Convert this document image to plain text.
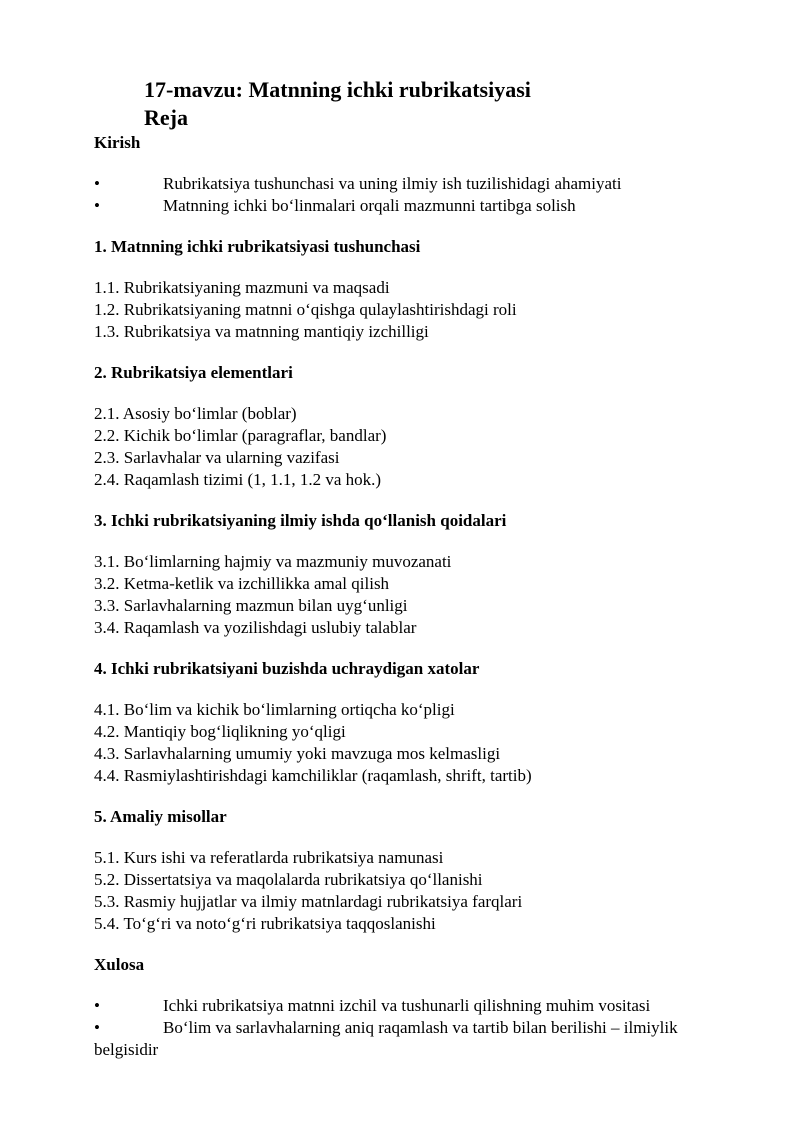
17-mavzu: Matnning ichki rubrikatsiyasi
Reja
Kirish
•	Rubrikatsiya tushunchasi va uning ilmiy ish tuzilishidagi ahamiyati
•	Matnning ichki bo‘linmalari orqali mazmunni tartibga solish
1. Matnning ichki rubrikatsiyasi tushunchasi
1.1. Rubrikatsiyaning mazmuni va maqsadi
1.2. Rubrikatsiyaning matnni o‘qishga qulaylashtirishdagi roli
1.3. Rubrikatsiya va matnning mantiqiy izchilligi
2. Rubrikatsiya elementlari
2.1. Asosiy bo‘limlar (boblar)
2.2. Kichik bo‘limlar (paragraflar, bandlar)
2.3. Sarlavhalar va ularning vazifasi
2.4. Raqamlash tizimi (1, 1.1, 1.2 va hok.)
3. Ichki rubrikatsiyaning ilmiy ishda qo‘llanish qoidalari
3.1. Bo‘limlarning hajmiy va mazmuniy muvozanati
3.2. Ketma-ketlik va izchillikka amal qilish
3.3. Sarlavhalarning mazmun bilan uyg‘unligi
3.4. Raqamlash va yozilishdagi uslubiy talablar
4. Ichki rubrikatsiyani buzishda uchraydigan xatolar
4.1. Bo‘lim va kichik bo‘limlarning ortiqcha ko‘pligi
4.2. Mantiqiy bog‘liqlikning yo‘qligi
4.3. Sarlavhalarning umumiy yoki mavzuga mos kelmasligi
4.4. Rasmiylashtirishdagi kamchiliklar (raqamlash, shrift, tartib)
5. Amaliy misollar
5.1. Kurs ishi va referatlarda rubrikatsiya namunasi
5.2. Dissertatsiya va maqolalarda rubrikatsiya qo‘llanishi
5.3. Rasmiy hujjatlar va ilmiy matnlardagi rubrikatsiya farqlari
5.4. To‘g‘ri va noto‘g‘ri rubrikatsiya taqqoslanishi
Xulosa
•	Ichki rubrikatsiya matnni izchil va tushunarli qilishning muhim vositasi
•	Bo‘lim va sarlavhalarning aniq raqamlash va tartib bilan berilishi – ilmiylik belgisidir
